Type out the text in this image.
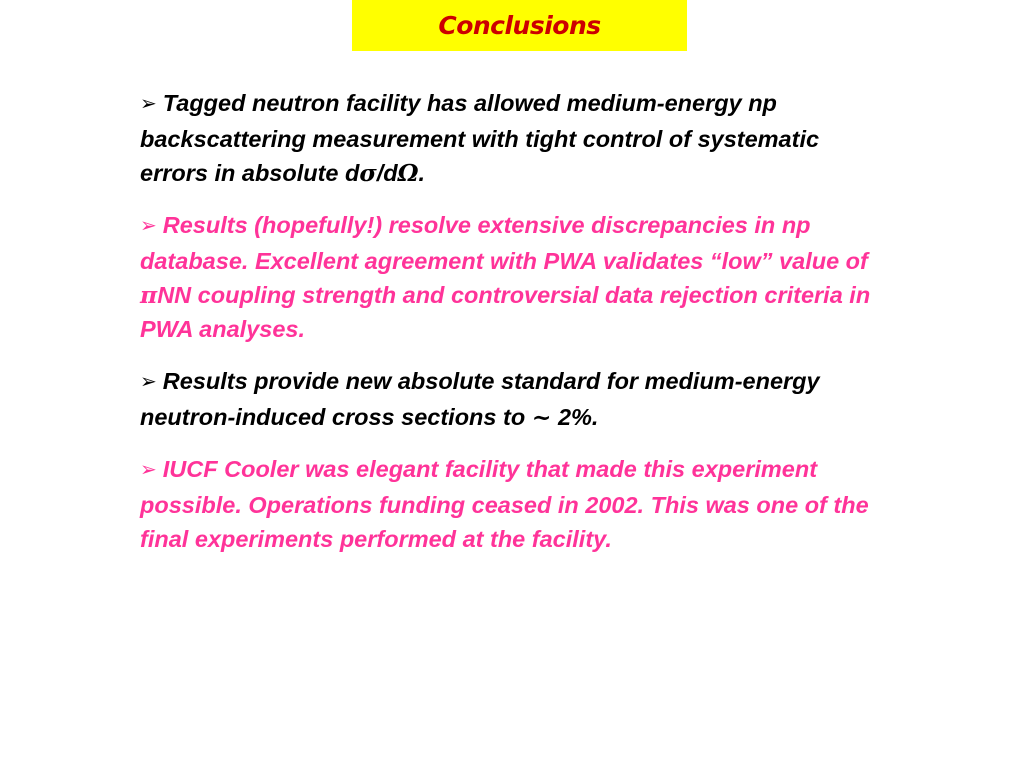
Conclusions

➢ Tagged neutron facility has allowed medium-energy np backscattering measurement with tight control of systematic errors in absolute dσ/dΩ.

➢ Results (hopefully!) resolve extensive discrepancies in np database. Excellent agreement with PWA validates “low” value of πNN coupling strength and controversial data rejection criteria in PWA analyses.

➢ Results provide new absolute standard for medium-energy neutron-induced cross sections to ~ 2%.

➢ IUCF Cooler was elegant facility that made this experiment possible. Operations funding ceased in 2002. This was one of the final experiments performed at the facility.
